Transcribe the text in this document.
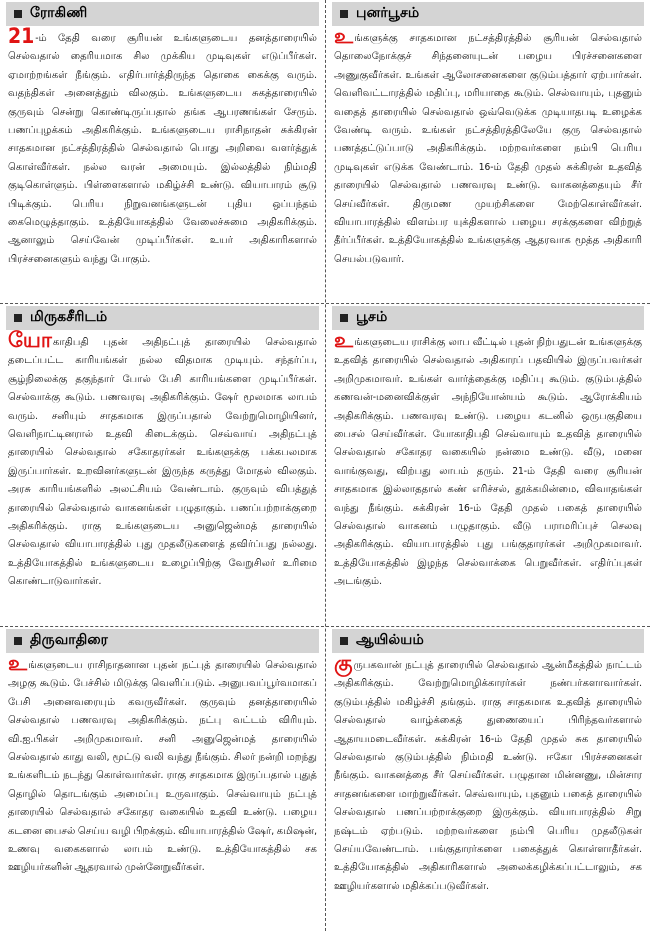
ரோகிணி
21-ம் தேதி வரை சூரியன் உங்களுடைய தனத்தாரையில் செல்வதால் தைரியமாக சில முக்கிய முடிவுகள் எடுப்பீர்கள். ஏமாற்றங்கள் நீங்கும். எதிர்பார்த்திருந்த தொகை கைக்கு வரும். வதந்திகள் அனைத்தும் விலகும். உங்களுடைய சுகத்தாரையில் குருவும் சென்று கொண்டிருப்பதால் தங்க ஆபரணங்கள் சேரும். பணப்புழக்கம் அதிகரிக்கும். உங்களுடைய ராசிநாதன் சுக்கிரன் சாதகமான நட்சத்திரத்தில் செல்வதால் பொது அறிவை வளர்த்துக் கொள்வீர்கள். நல்ல வரன் அமையும். இல்லத்தில் நிம்மதி குடிகொள்ளும். பிள்ளைகளால் மகிழ்ச்சி உண்டு. வியாபாரம் சூடு பிடிக்கும். பெரிய நிறுவனங்களுடன் புதிய ஒப்பந்தம் கைமெழுத்தாகும். உத்தியோகத்தில் வேலைச்சுமை அதிகரிக்கும். ஆனாலும் செய்வேன் முடிப்பீர்கள். உயர் அதிகாரிகளால் பிரச்சனைகளும் வந்து போகும்.
புனர்பூசம்
உங்களுக்கு சாதகமான நட்சத்திரத்தில் சூரியன் செல்வதால் தொலைநோக்குச் சிந்தனையுடன் பழைய பிரச்சனைகளை அணுகுவீர்கள். உங்கள் ஆலோசனைகளை குடும்பத்தார் ஏற்பார்கள். வெளிவட்டாரத்தில் மதிப்பு, மரியாதை கூடும். செல்வாயும், புதனும் வதைத் தாரையில் செல்வதால் ஒவ்வெடுக்க முடியாதபடி உழைக்க வேண்டி வரும். உங்கள் நட்சத்திரத்திலேயே குரு செல்வதால் பணத்தட்டுப்பாடு அதிகரிக்கும். மற்றவர்களை நம்பி பெரிய முடிவுகள் எடுக்க வேண்டாம். 16-ம் தேதி முதல் சுக்கிரன் உதவித் தாரையில் செல்வதால் பணவரவு உண்டு. வாகனத்தையும் சீர் செய்வீர்கள். திருமண முயற்சிகளை மேற்கொள்வீர்கள். வியாபாரத்தில் விளம்பர யுக்திகளால் பழைய சரக்குகளை விற்றுத் தீர்ப்பீர்கள். உத்தியோகத்தில் உங்களுக்கு ஆதரவாக மூத்த அதிகாரி செயல்படுவார்.
மிருகசீரிடம்
யோகாதிபதி புதன் அதிநட்புத் தாரையில் செல்வதால் தடைப்பட்ட காரியங்கள் நல்ல விதமாக முடியும். சந்தர்ப்ப, சூழ்நிலைக்கு தகுந்தார் போல் பேசி காரியங்களை முடிப்பீர்கள். செல்வாக்கு கூடும். பணவரவு அதிகரிக்கும். ஷேர் மூலமாக லாபம் வரும். சனியும் சாதகமாக இருப்பதால் வேற்றுமொழியினர், வெளிநாட்டினரால் உதவி கிடைக்கும். செவ்வாய் அதிநட்புத் தாரையில் செல்வதால் சகோதரர்கள் உங்களுக்கு பக்கபலமாக இருப்பார்கள். உறவினர்களுடன் இருந்த கருத்து மோதல் விலகும். அரசு காரியங்களில் அலட்சியம் வேண்டாம். குருவும் விபத்துத் தாரையில் செல்வதால் வாகனங்கள் பழுதாகும். பணப்பற்றாக்குறை அதிகரிக்கும். ராகு உங்களுடைய அனுஜென்மத் தாரையில் செல்வதால் வியாபாரத்தில் புது முதலீடுகளைத் தவிர்ப்பது நல்லது. உத்தியோகத்தில் உங்களுடைய உழைப்பிற்கு வேறுசிலர் உரிமை கொண்டாடுவார்கள்.
பூசம்
உங்களுடைய ராசிக்கு லாப வீட்டில் புதன் நிற்பதுடன் உங்களுக்கு உதவித் தாரையில் செல்வதால் அதிகாரப் பதவியில் இருப்பவர்கள் அறிமுகமாவர். உங்கள் வார்த்தைக்கு மதிப்பு கூடும். குடும்பத்தில் கணவன்-மனைவிக்குள் அந்நியோன்யம் கூடும். ஆரோக்கியம் அதிகரிக்கும். பணவரவு உண்டு. பழைய கடனில் ஒருபகுதியை பைசல் செய்வீர்கள். யோகாதிபதி செவ்வாயும் உதவித் தாரையில் செல்வதால் சகோதர வகையில் நன்மை உண்டு. வீடு, மனை வாங்குவது, விற்பது லாபம் தரும். 21-ம் தேதி வரை சூரியன் சாதகமாக இல்லாததால் கண் எரிச்சல், தூக்கமின்மை, விவாதங்கள் வந்து நீங்கும். சுக்கிரன் 16-ம் தேதி முதல் பகைத் தாரையில் செல்வதால் வாகனம் பழுதாகும். வீடு பராமரிப்புச் செலவு அதிகரிக்கும். வியாபாரத்தில் புது பங்குதாரர்கள் அறிமுகமாவர். உத்தியோகத்தில் இழந்த செல்வாக்கை பெறுவீர்கள். எதிர்ப்புகள் அடங்கும்.
திருவாதிரை
உங்களுடைய ராசிநாதனான புதன் நட்புத் தாரையில் செல்வதால் அழகு கூடும். பேச்சில் மிடுக்கு வெளிப்படும். அனுபவப்பூர்வமாகப் பேசி அனைவரையும் கவருவீர்கள். குருவும் தனத்தாரையில் செல்வதால் பணவரவு அதிகரிக்கும். நட்பு வட்டம் விரியும். வி.ஐ.பிகள் அறிமுகமாவர். சனி அனுஜென்மத் தாரையில் செல்வதால் காது வலி, மூட்டு வலி வந்து நீங்கும். சிலர் நன்றி மறந்து உங்களிடம் நடந்து கொள்வார்கள். ராகு சாதகமாக இருப்பதால் புதுத் தொழில் தொடங்கும் அமைப்பு உருவாகும். செவ்வாயும் நட்புத் தாரையில் செல்வதால் சகோதர வகையில் உதவி உண்டு. பழைய கடனை பைசல் செய்ய வழி பிறக்கும். வியாபாரத்தில் ஷேர், கமிஷன், உணவு வகைகளால் லாபம் உண்டு. உத்தியோகத்தில் சக ஊழியர்களின் ஆதரவால் முன்னேறுவீர்கள்.
ஆயில்யம்
குருபகவான் நட்புத் தாரையில் செல்வதால் ஆன்மீகத்தில் நாட்டம் அதிகரிக்கும். வேற்றுமொழிக்காரர்கள் நண்பர்களாவார்கள். குடும்பத்தில் மகிழ்ச்சி தங்கும். ராகு சாதகமாக உதவித் தாரையில் செல்வதால் வாழ்க்கைத் துணையைப் பிரிந்தவர்களால் ஆதாயமடைவீர்கள். சுக்கிரன் 16-ம் தேதி முதல் சுக தாரையில் செல்வதால் குடும்பத்தில் நிம்மதி உண்டு. ஈகோ பிரச்சனைகள் நீங்கும். வாகனத்தை சீர் செய்வீர்கள். பழுதான மின்னணு, மின்சார சாதனங்களை மாற்றுவீர்கள். செவ்வாயும், புதனும் பகைத் தாரையில் செல்வதால் பணப்பற்றாக்குறை இருக்கும். வியாபாரத்தில் சிறு நஷ்டம் ஏற்படும். மற்றவர்களை நம்பி பெரிய முதலீடுகள் செய்யவேண்டாம். பங்குதாரர்களை பகைத்துக் கொள்ளாதீர்கள். உத்தியோகத்தில் அதிகாரிகளால் அலைக்கழிக்கப்பட்டாலும், சக ஊழியர்களால் மதிக்கப்படுவீர்கள்.
